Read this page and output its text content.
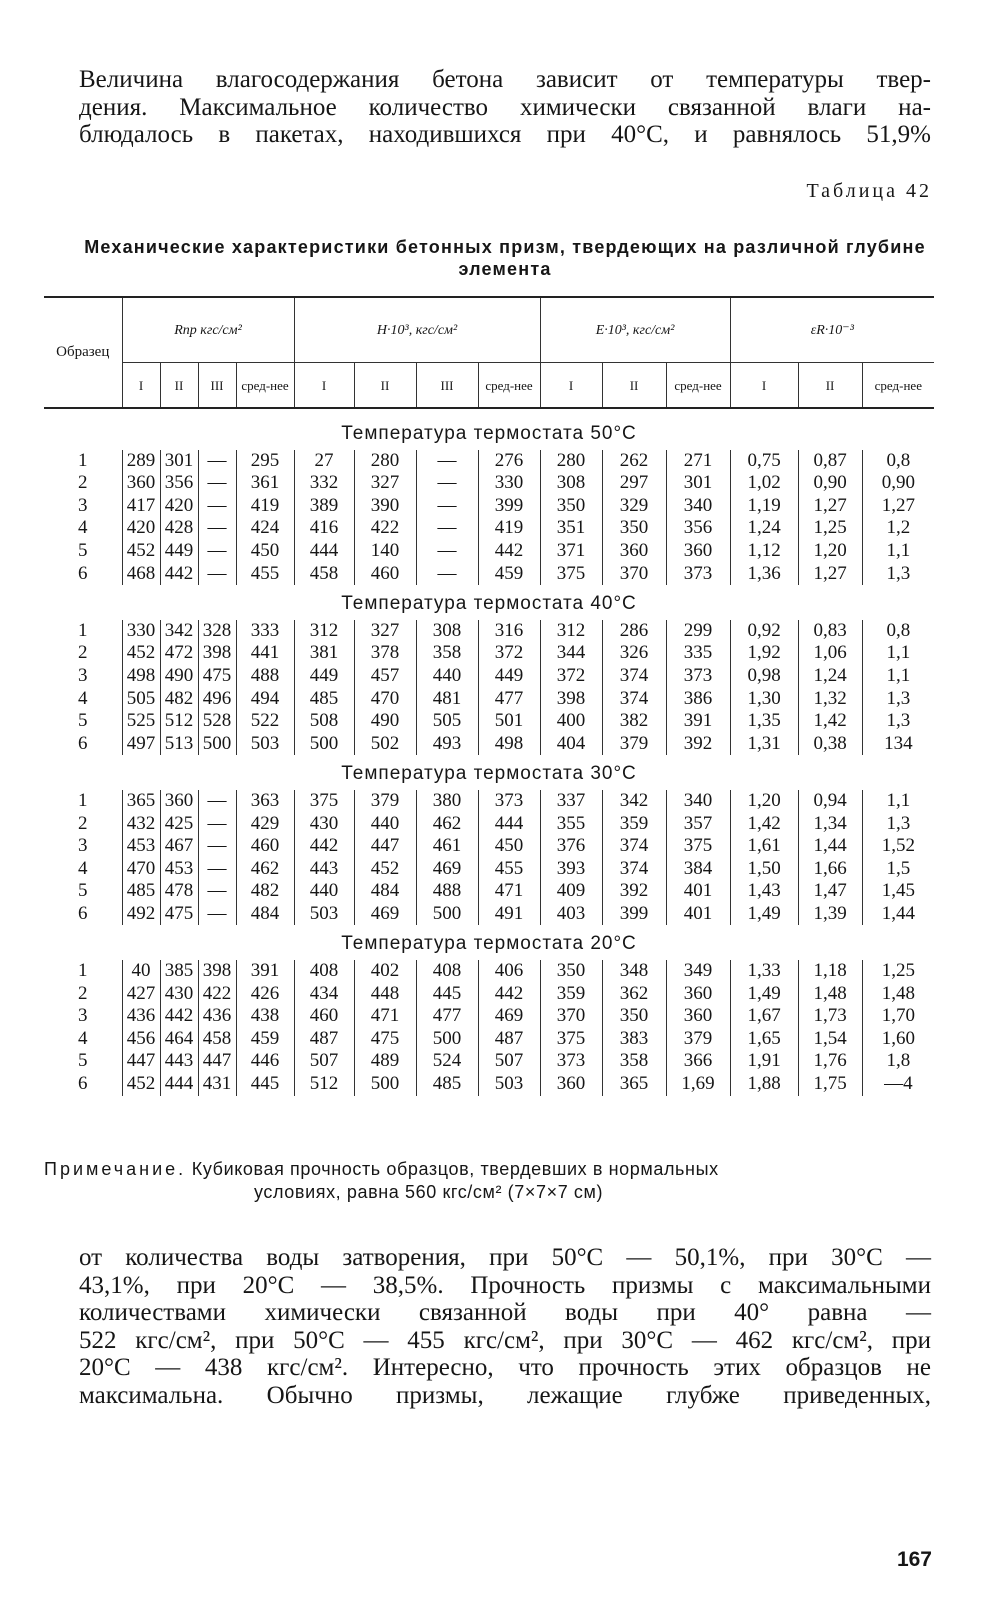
Величина влагосодержания бетона зависит от температуры твер-
дения. Максимальное количество химически связанной влаги на-
блюдалось в пакетах, находившихся при 40°С, и равнялось 51,9%
Таблица 42
Механические характеристики бетонных призм, твердеющих на различной глубине элемента
Образец	Rпр кгс/см²				H·10³, кгс/см²				E·10³, кгс/см²			εR·10⁻³		
	I	II	III	сред-нее	I	II	III	сред-нее	I	II	сред-нее	I	II	сред-нее
Температура термостата 50°С														
1	289	301	—	295	27	280	—	276	280	262	271	0,75	0,87	0,8
2	360	356	—	361	332	327	—	330	308	297	301	1,02	0,90	0,90
3	417	420	—	419	389	390	—	399	350	329	340	1,19	1,27	1,27
4	420	428	—	424	416	422	—	419	351	350	356	1,24	1,25	1,2
5	452	449	—	450	444	140	—	442	371	360	360	1,12	1,20	1,1
6	468	442	—	455	458	460	—	459	375	370	373	1,36	1,27	1,3
Температура термостата 40°С														
1	330	342	328	333	312	327	308	316	312	286	299	0,92	0,83	0,8
2	452	472	398	441	381	378	358	372	344	326	335	1,92	1,06	1,1
3	498	490	475	488	449	457	440	449	372	374	373	0,98	1,24	1,1
4	505	482	496	494	485	470	481	477	398	374	386	1,30	1,32	1,3
5	525	512	528	522	508	490	505	501	400	382	391	1,35	1,42	1,3
6	497	513	500	503	500	502	493	498	404	379	392	1,31	0,38	134
Температура термостата 30°С														
1	365	360	—	363	375	379	380	373	337	342	340	1,20	0,94	1,1
2	432	425	—	429	430	440	462	444	355	359	357	1,42	1,34	1,3
3	453	467	—	460	442	447	461	450	376	374	375	1,61	1,44	1,52
4	470	453	—	462	443	452	469	455	393	374	384	1,50	1,66	1,5
5	485	478	—	482	440	484	488	471	409	392	401	1,43	1,47	1,45
6	492	475	—	484	503	469	500	491	403	399	401	1,49	1,39	1,44
Температура термостата 20°С														
1	40	385	398	391	408	402	408	406	350	348	349	1,33	1,18	1,25
2	427	430	422	426	434	448	445	442	359	362	360	1,49	1,48	1,48
3	436	442	436	438	460	471	477	469	370	350	360	1,67	1,73	1,70
4	456	464	458	459	487	475	500	487	375	383	379	1,65	1,54	1,60
5	447	443	447	446	507	489	524	507	373	358	366	1,91	1,76	1,8
6	452	444	431	445	512	500	485	503	360	365	1,69	1,88	1,75	—4
Примечание. Кубиковая прочность образцов, твердевших в нормальных
условиях, равна 560 кгс/см² (7×7×7 см)
от количества воды затворения, при 50°С — 50,1%, при 30°С —
43,1%, при 20°С — 38,5%. Прочность призмы с максимальными
количествами химически связанной воды при 40° равна —
522 кгс/см², при 50°С — 455 кгс/см², при 30°С — 462 кгс/см², при
20°С — 438 кгс/см². Интересно, что прочность этих образцов не
максимальна. Обычно призмы, лежащие глубже приведенных,
167
